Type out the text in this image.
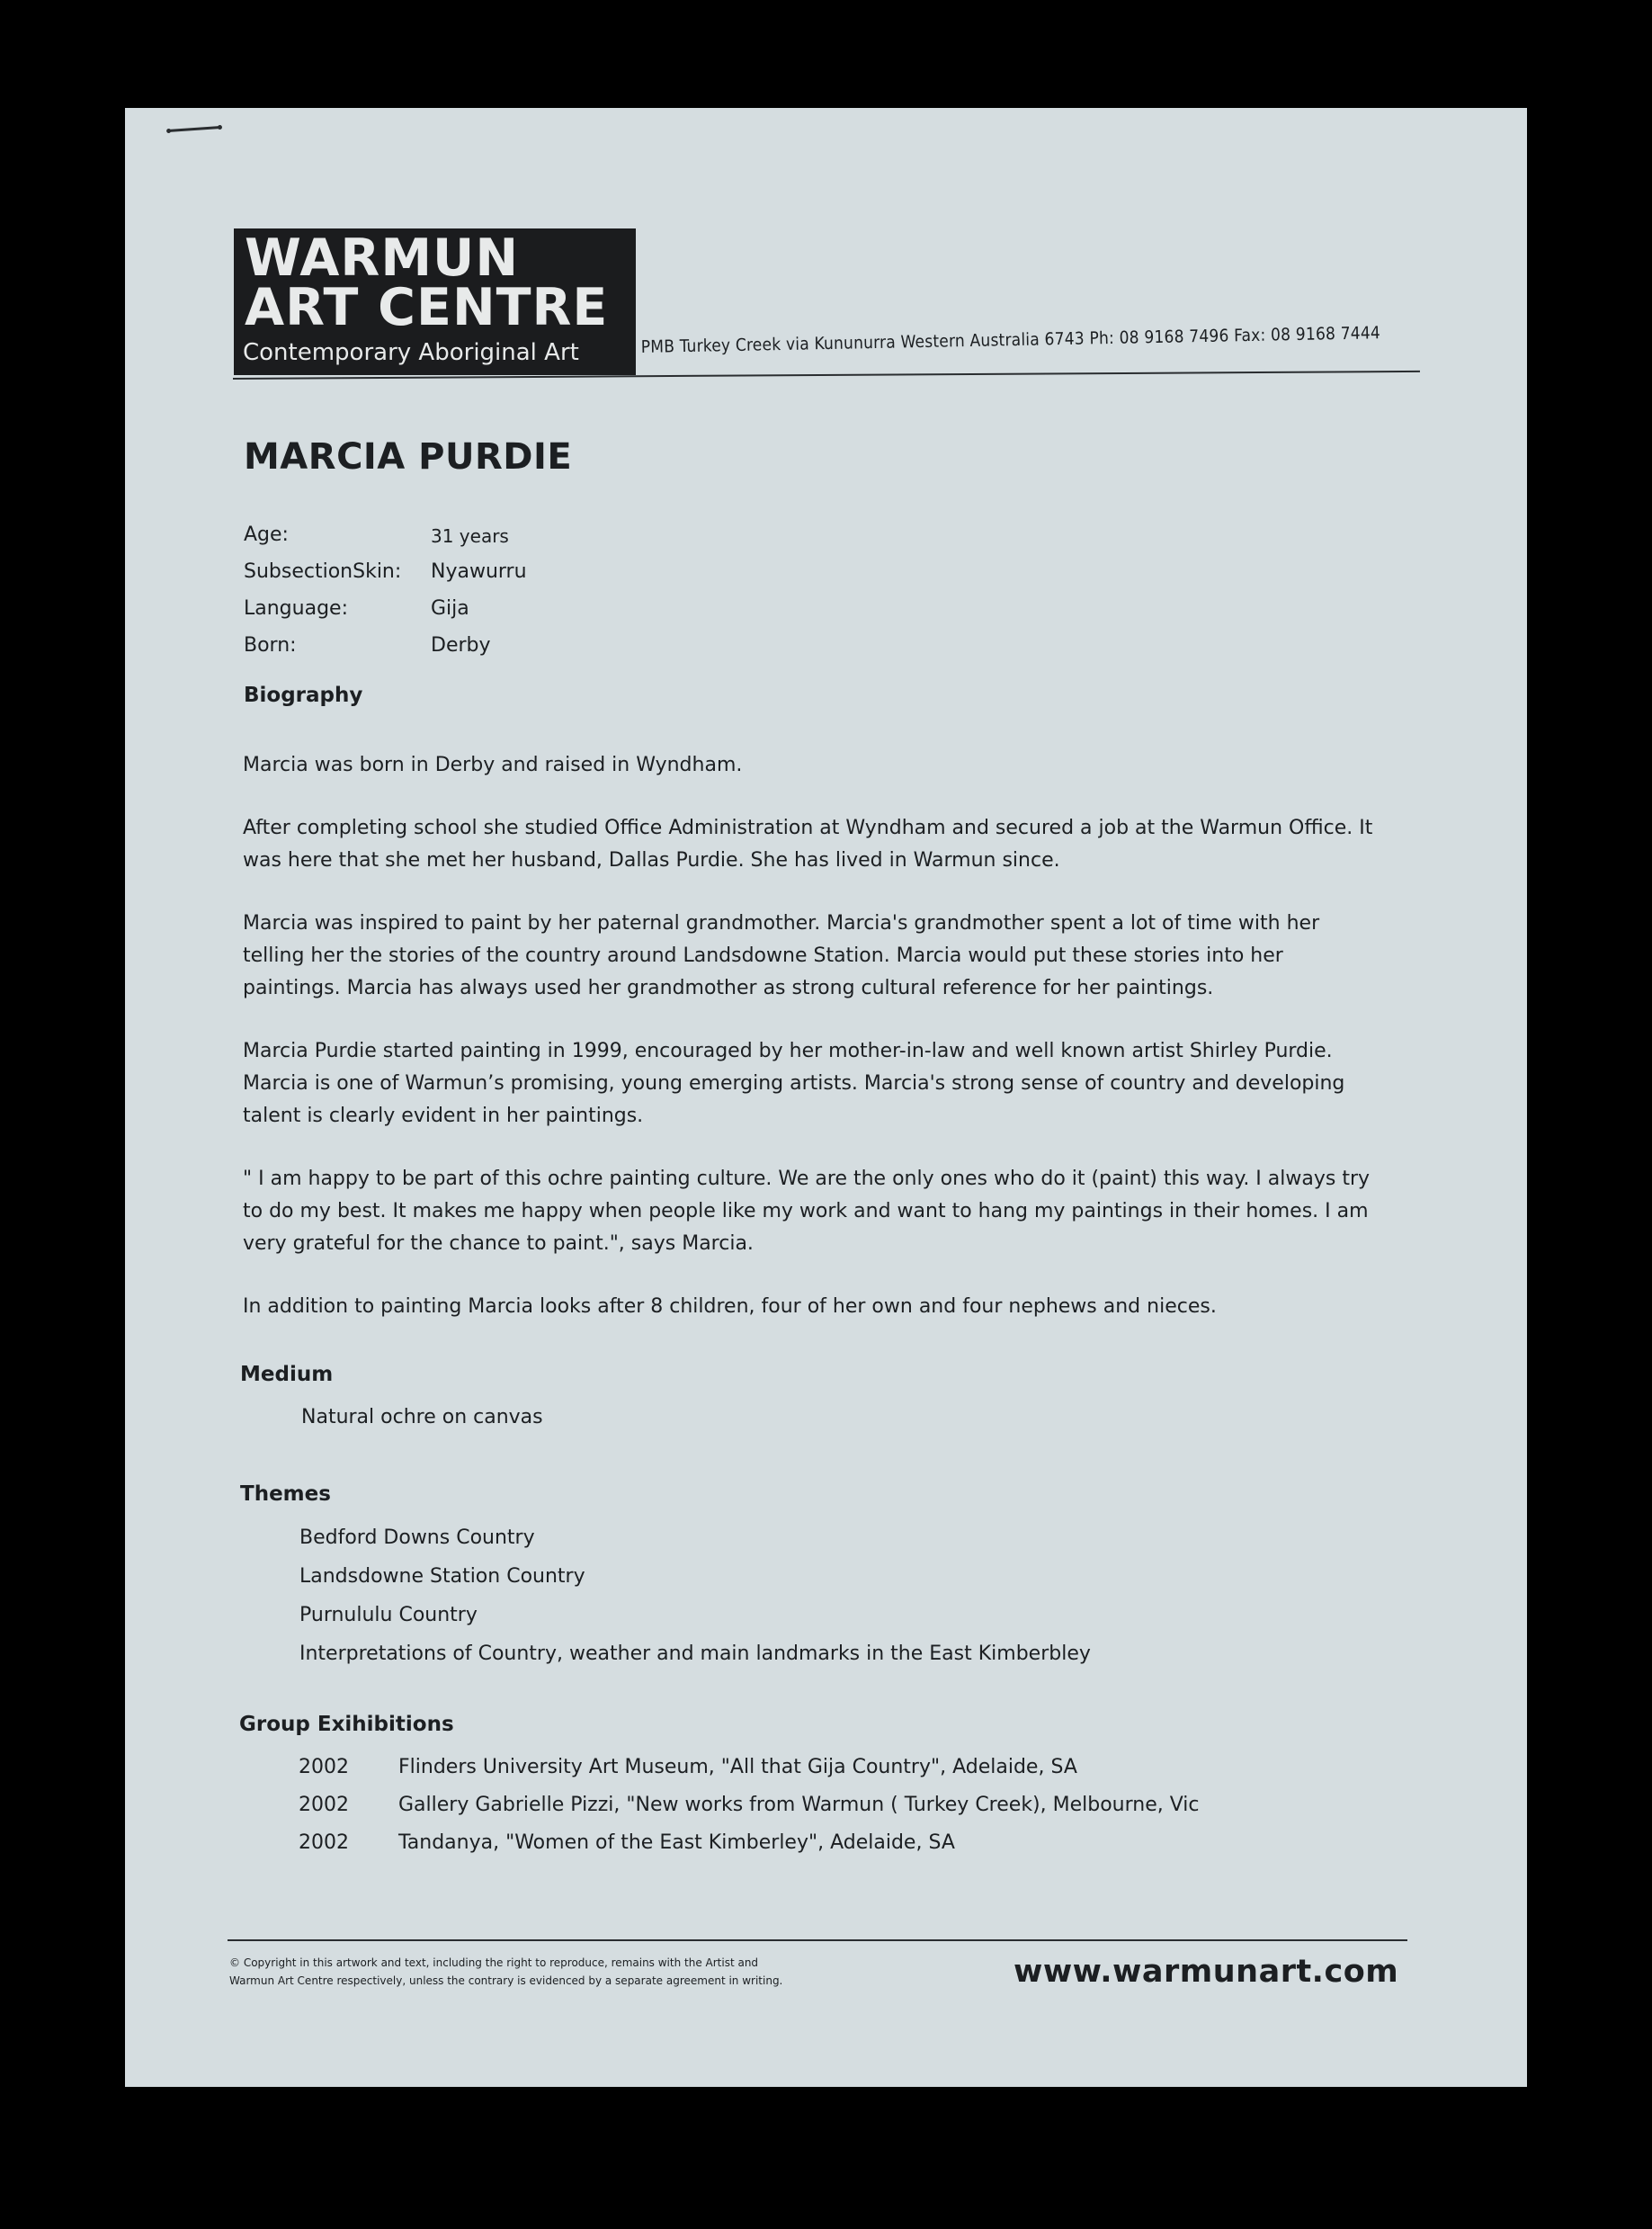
WARMUN
ART CENTRE
Contemporary Aboriginal Art	PMB Turkey Creek via Kununurra Western Australia 6743 Ph: 08 9168 7496 Fax: 08 9168 7444
MARCIA PURDIE
Age:	31 years
SubsectionSkin: Nyawurru
Language:	Gija
Born:	Derby
Biography

Marcia was born in Derby and raised in Wyndham.

After completing school she studied Office Administration at Wyndham and secured a job at the Warmun Office. It was here that she met her husband, Dallas Purdie. She has lived in Warmun since.

Marcia was inspired to paint by her paternal grandmother. Marcia's grandmother spent a lot of time with her telling her the stories of the country around Landsdowne Station. Marcia would put these stories into her paintings. Marcia has always used her grandmother as strong cultural reference for her paintings.

Marcia Purdie started painting in 1999, encouraged by her mother-in-law and well known artist Shirley Purdie. Marcia is one of Warmun’s promising, young emerging artists. Marcia's strong sense of country and developing talent is clearly evident in her paintings.

" I am happy to be part of this ochre painting culture. We are the only ones who do it (paint) this way. I always try to do my best. It makes me happy when people like my work and want to hang my paintings in their homes. I am very grateful for the chance to paint.", says Marcia.

In addition to painting Marcia looks after 8 children, four of her own and four nephews and nieces.

Medium
Natural ochre on canvas
Themes
Bedford Downs Country
Landsdowne Station Country
Purnululu Country
Interpretations of Country, weather and main landmarks in the East Kimberbley
Group Exihibitions
2002	Flinders University Art Museum, "All that Gija Country", Adelaide, SA
2002	Gallery Gabrielle Pizzi, "New works from Warmun ( Turkey Creek), Melbourne, Vic
2002	Tandanya, "Women of the East Kimberley", Adelaide, SA
© Copyright in this artwork and text, including the right to reproduce, remains with the Artist and
Warmun Art Centre respectively, unless the contrary is evidenced by a separate agreement in writing.	www.warmunart.com
